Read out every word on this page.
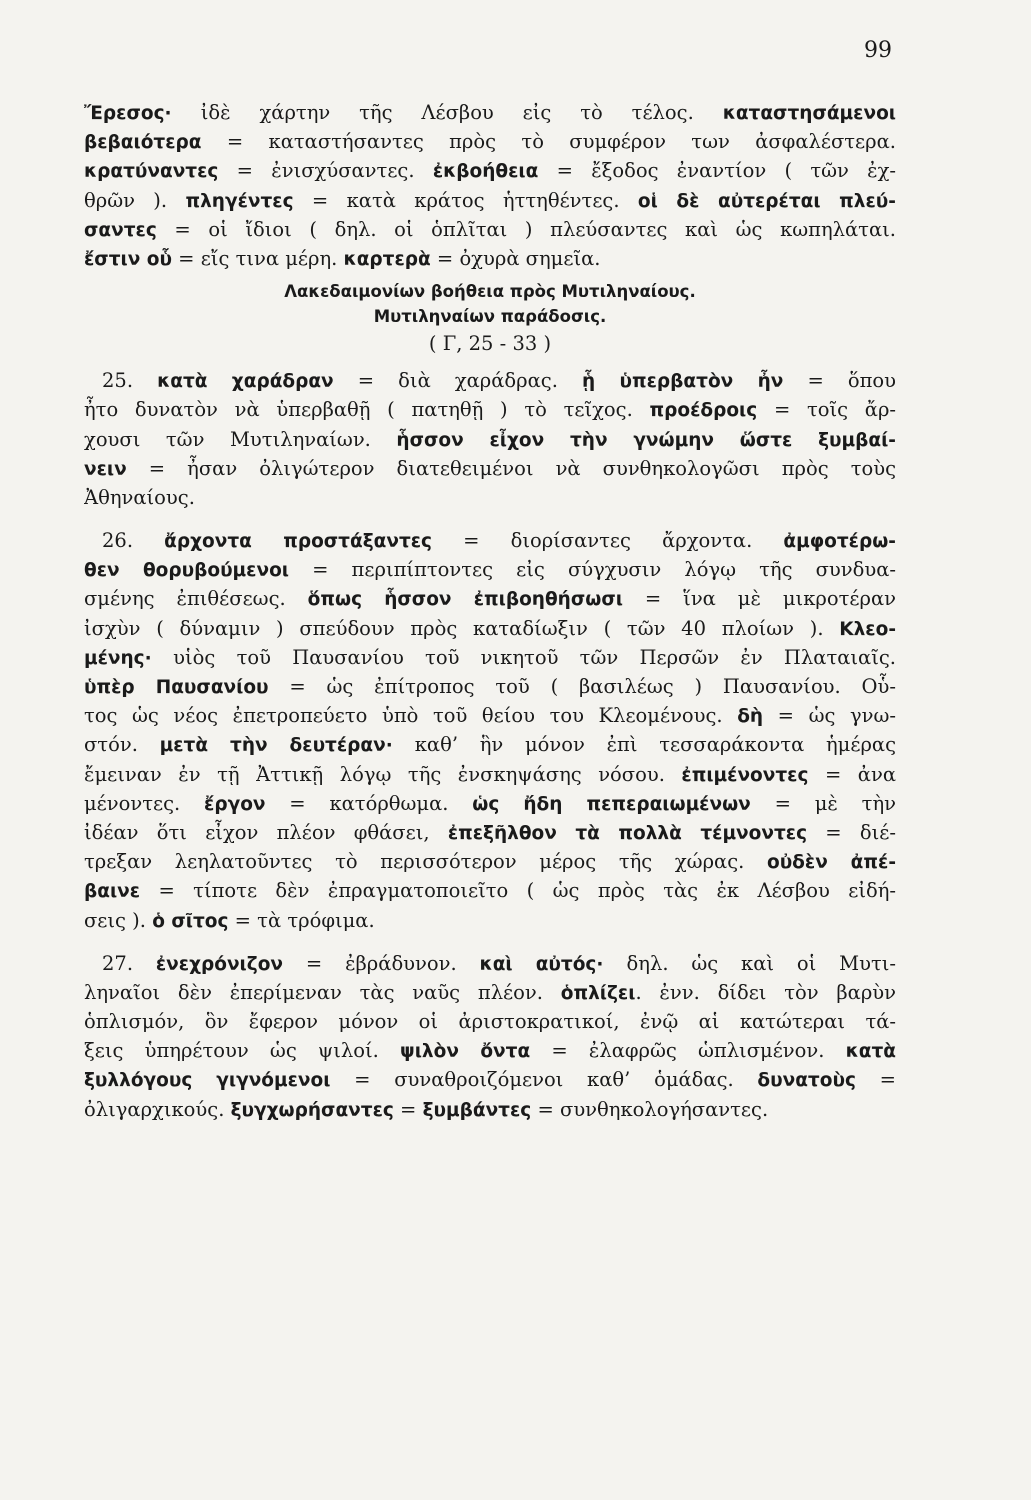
99
Ἔρεσος· ἰδὲ χάρτην τῆς Λέσβου εἰς τὸ τέλος. καταστησάμενοι
βεβαιότερα = καταστήσαντες πρὸς τὸ συμφέρον των ἀσφαλέστερα.
κρατύναντες = ἐνισχύσαντες. ἐκβοήθεια = ἔξοδος ἐναντίον ( τῶν ἐχ-
θρῶν ). πληγέντες = κατὰ κράτος ἡττηθέντες. οἱ δὲ αὐτερέται πλεύ-
σαντες = οἱ ἴδιοι ( δηλ. οἱ ὁπλῖται ) πλεύσαντες καὶ ὡς κωπηλάται.
ἔστιν οὗ = εἴς τινα μέρη. καρτερὰ = ὀχυρὰ σημεῖα.
Λακεδαιμονίων βοήθεια πρὸς Μυτιληναίους.
Μυτιληναίων παράδοσις.
( Γ, 25 - 33 )
25. κατὰ χαράδραν = διὰ χαράδρας. ᾗ ὑπερβατὸν ἦν = ὅπου
ἦτο δυνατὸν νὰ ὑπερβαθῇ ( πατηθῇ ) τὸ τεῖχος. προέδροις = τοῖς ἄρ-
χουσι τῶν Μυτιληναίων. ἧσσον εἶχον τὴν γνώμην ὥστε ξυμβαί-
νειν = ἦσαν ὀλιγώτερον διατεθειμένοι νὰ συνθηκολογῶσι πρὸς τοὺς
Ἀθηναίους.
26. ἄρχοντα προστάξαντες = διορίσαντες ἄρχοντα. ἀμφοτέρω-
θεν θορυβούμενοι = περιπίπτοντες εἰς σύγχυσιν λόγῳ τῆς συνδυα-
σμένης ἐπιθέσεως. ὅπως ἧσσον ἐπιβοηθήσωσι = ἵνα μὲ μικροτέραν
ἰσχὺν ( δύναμιν ) σπεύδουν πρὸς καταδίωξιν ( τῶν 40 πλοίων ). Κλεο-
μένης· υἱὸς τοῦ Παυσανίου τοῦ νικητοῦ τῶν Περσῶν ἐν Πλαταιαῖς.
ὑπὲρ Παυσανίου = ὡς ἐπίτροπος τοῦ ( βασιλέως ) Παυσανίου. Οὗ-
τος ὡς νέος ἐπετροπεύετο ὑπὸ τοῦ θείου του Κλεομένους. δὴ = ὡς γνω-
στόν. μετὰ τὴν δευτέραν· καθ’ ἣν μόνον ἐπὶ τεσσαράκοντα ἡμέρας
ἔμειναν ἐν τῇ Ἀττικῇ λόγῳ τῆς ἐνσκηψάσης νόσου. ἐπιμένοντες = ἀνα
μένοντες. ἔργον = κατόρθωμα. ὡς ἤδη πεπεραιωμένων = μὲ τὴν
ἰδέαν ὅτι εἶχον πλέον φθάσει, ἐπεξῆλθον τὰ πολλὰ τέμνοντες = διέ-
τρεξαν λεηλατοῦντες τὸ περισσότερον μέρος τῆς χώρας. οὐδὲν ἀπέ-
βαινε = τίποτε δὲν ἐπραγματοποιεῖτο ( ὡς πρὸς τὰς ἐκ Λέσβου εἰδή-
σεις ). ὁ σῖτος = τὰ τρόφιμα.
27. ἐνεχρόνιζον = ἐβράδυνον. καὶ αὐτός· δηλ. ὡς καὶ οἱ Μυτι-
ληναῖοι δὲν ἐπερίμεναν τὰς ναῦς πλέον. ὁπλίζει. ἐνν. δίδει τὸν βαρὺν
ὁπλισμόν, ὃν ἔφερον μόνον οἱ ἀριστοκρατικοί, ἐνῷ αἱ κατώτεραι τά-
ξεις ὑπηρέτουν ὡς ψιλοί. ψιλὸν ὄντα = ἐλαφρῶς ὡπλισμένον. κατὰ
ξυλλόγους γιγνόμενοι = συναθροιζόμενοι καθ’ ὁμάδας. δυνατοὺς =
ὀλιγαρχικούς. ξυγχωρήσαντες = ξυμβάντες = συνθηκολογήσαντες.
